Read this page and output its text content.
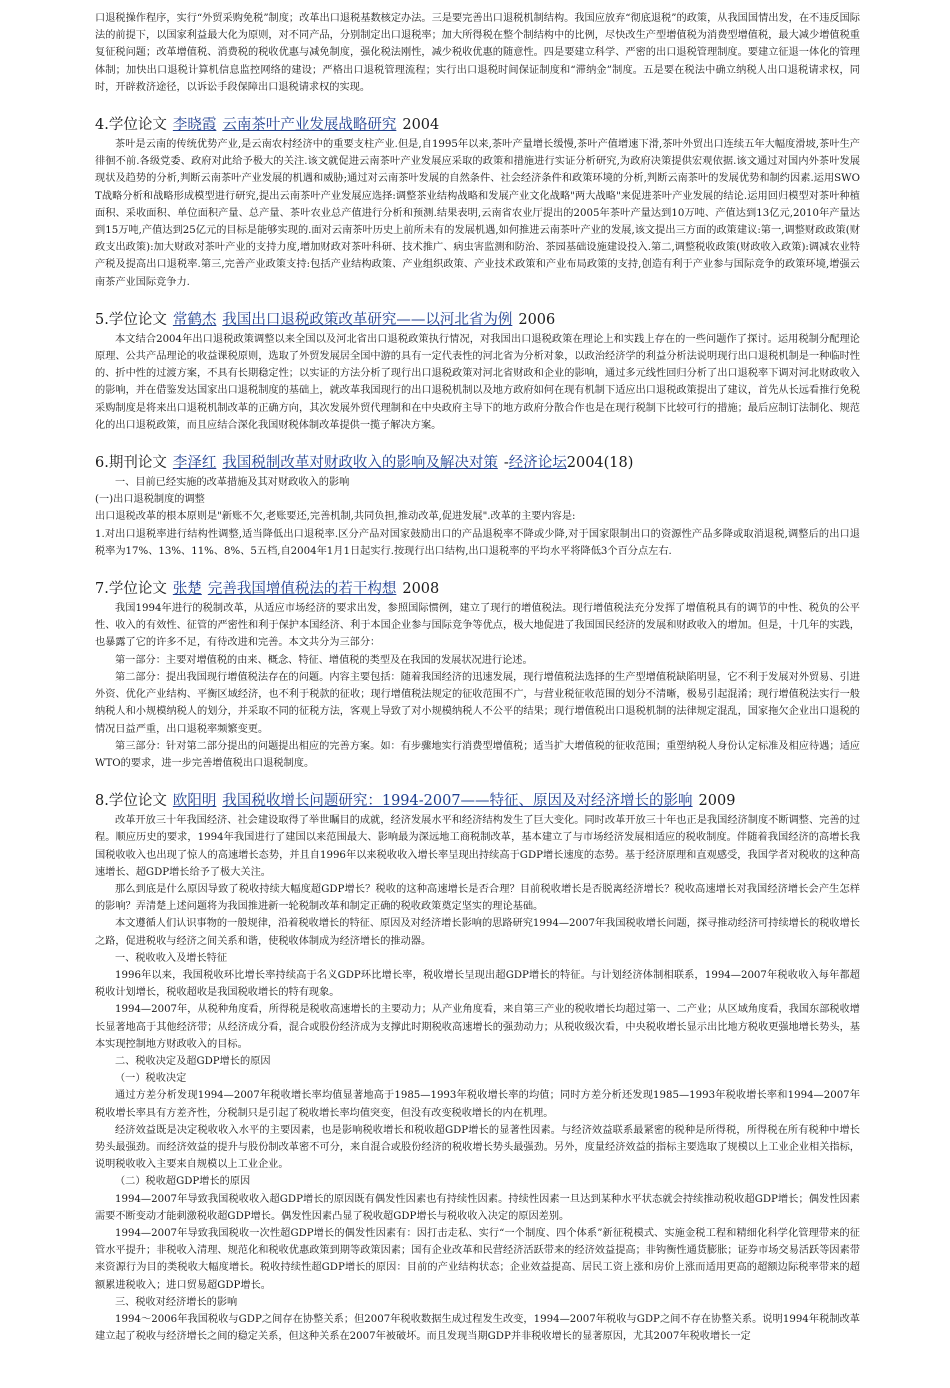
口退税操作程序，实行“外贸采购免税”制度；改革出口退税基数核定办法。三是要完善出口退税机制结构。我国应放弃“彻底退税”的政策，从我国国情出发，在不违反国际法的前提下，以国家利益最大化为原则，对不同产品，分别制定出口退税率；加大所得税在整个制结构中的比例，尽快改生产型增值税为消费型增值税，最大减少增值税重复征税问题；改革增值税、消费税的税收优惠与减免制度，强化税法刚性，减少税收优惠的随意性。四是要建立科学、严密的出口退税管理制度。要建立征退一体化的管理体制；加快出口退税计算机信息监控网络的建设；严格出口退税管理流程；实行出口退税时间保证制度和“滞纳金”制度。五是要在税法中确立纳税人出口退税请求权，同时，开辟救济途径，以诉讼手段保障出口退税请求权的实现。

4.学位论文 李晓霞 云南茶叶产业发展战略研究 2004

茶叶是云南的传统优势产业,是云南农村经济中的重要支柱产业.但是,自1995年以来,茶叶产量增长缓慢,茶叶产值增速下滑,茶叶外贸出口连续五年大幅度滑坡,茶叶生产徘徊不前.各级党委、政府对此给予极大的关注.该文就促进云南茶叶产业发展应采取的政策和措施进行实证分析研究,为政府决策提供宏观依据.该文通过对国内外茶叶发展现状及趋势的分析,判断云南茶叶产业发展的机遇和威胁;通过对云南茶叶发展的自然条件、社会经济条件和政策环境的分析,判断云南茶叶的发展优势和制约因素.运用SWOT战略分析和战略形成模型进行研究,提出云南茶叶产业发展应选择:调整茶业结构战略和发展产业文化战略"两大战略"来促进茶叶产业发展的结论.运用回归模型对茶叶种植面积、采收面积、单位面积产量、总产量、茶叶农业总产值进行分析和预测.结果表明,云南省农业厅提出的2005年茶叶产量达到10万吨、产值达到13亿元,2010年产量达到15万吨,产值达到25亿元的目标是能够实现的.面对云南茶叶历史上前所未有的发展机遇,如何推进云南茶叶产业的发展,该文提出三方面的政策建议:第一,调整财政政策(财政支出政策):加大财政对茶叶产业的支持力度,增加财政对茶叶科研、技术推广、病虫害监测和防治、茶园基础设施建设投入.第二,调整税收政策(财政收入政策):调减农业特产税及提高出口退税率.第三,完善产业政策支持:包括产业结构政策、产业组织政策、产业技术政策和产业布局政策的支持,创造有利于产业参与国际竞争的政策环境,增强云南茶产业国际竞争力.

5.学位论文 常鹤杰 我国出口退税政策改革研究——以河北省为例 2006

本文结合2004年出口退税政策调整以来全国以及河北省出口退税政策执行情况，对我国出口退税政策在理论上和实践上存在的一些问题作了探讨。运用税制分配理论原理、公共产品理论的收益课税原则，选取了外贸发展居全国中游的具有一定代表性的河北省为分析对象，以政治经济学的利益分析法说明现行出口退税机制是一种临时性的、折中性的过渡方案，不具有长期稳定性；以实证的方法分析了现行出口退税政策对河北省财政和企业的影响，通过多元线性回归分析了出口退税率下调对河北财政收入的影响，并在借鉴发达国家出口退税制度的基础上，就改革我国现行的出口退税机制以及地方政府如何在现有机制下适应出口退税政策提出了建议，首先从长远看推行免税采购制度是将来出口退税机制改革的正确方向，其次发展外贸代理制和在中央政府主导下的地方政府分散合作也是在现行税制下比较可行的措施；最后应制订法制化、规范化的出口退税政策，而且应结合深化我国财税体制改革提供一揽子解决方案。

6.期刊论文 李泽红 我国税制改革对财政收入的影响及解决对策 -经济论坛2004(18)

一、目前已经实施的改革措施及其对财政收入的影响

(一)出口退税制度的调整

出口退税改革的根本原则是"新账不欠,老账要还,完善机制,共同负担,推动改革,促进发展".改革的主要内容是:

1.对出口退税率进行结构性调整,适当降低出口退税率.区分产品对国家鼓励出口的产品退税率不降或少降,对于国家限制出口的资源性产品多降或取消退税,调整后的出口退税率为17%、13%、11%、8%、5五档,自2004年1月1日起实行.按现行出口结构,出口退税率的平均水平将降低3个百分点左右.

7.学位论文 张楚 完善我国增值税法的若干构想 2008

我国1994年进行的税制改革，从适应市场经济的要求出发，参照国际惯例，建立了现行的增值税法。现行增值税法充分发挥了增值税具有的调节的中性、税负的公平性、收入的有效性、征管的严密性和利于保护本国经济、利于本国企业参与国际竞争等优点，极大地促进了我国国民经济的发展和财政收入的增加。但是，十几年的实践，也暴露了它的许多不足，有待改进和完善。本文共分为三部分：

第一部分：主要对增值税的由来、概念、特征、增值税的类型及在我国的发展状况进行论述。

第二部分：提出我国现行增值税法存在的问题。内容主要包括：随着我国经济的迅速发展，现行增值税法选择的生产型增值税缺陷明显，它不利于发展对外贸易、引进外资、优化产业结构、平衡区域经济，也不利于税款的征收；现行增值税法规定的征收范围不广，与营业税征收范围的划分不清晰，极易引起混淆；现行增值税法实行一般纳税人和小规模纳税人的划分，并采取不同的征税方法，客观上导致了对小规模纳税人不公平的结果；现行增值税出口退税机制的法律规定混乱，国家拖欠企业出口退税的情况日益严重，出口退税率频繁变更。

第三部分：针对第二部分提出的问题提出相应的完善方案。如：有步骤地实行消费型增值税；适当扩大增值税的征收范围；重塑纳税人身份认定标准及相应待遇；适应WTO的要求，进一步完善增值税出口退税制度。

8.学位论文 欧阳明 我国税收增长问题研究：1994-2007——特征、原因及对经济增长的影响 2009

改革开放三十年我国经济、社会建设取得了举世瞩目的成就，经济发展水平和经济结构发生了巨大变化。同时改革开放三十年也正是我国经济制度不断调整、完善的过程。顺应历史的要求，1994年我国进行了建国以来范围最大、影响最为深远地工商税制改革，基本建立了与市场经济发展相适应的税收制度。伴随着我国经济的高增长我国税收收入也出现了惊人的高速增长态势，并且自1996年以来税收收入增长率呈现出持续高于GDP增长速度的态势。基于经济原理和直观感受，我国学者对税收的这种高速增长、超GDP增长给予了极大关注。

那么到底是什么原因导致了税收持续大幅度超GDP增长？税收的这种高速增长是否合理？目前税收增长是否脱离经济增长？税收高速增长对我国经济增长会产生怎样的影响？弄清楚上述问题将为我国推进新一轮税制改革和制定正确的税收政策奠定坚实的理论基础。

本文遵循人们认识事物的一般规律，沿着税收增长的特征、原因及对经济增长影响的思路研究1994—2007年我国税收增长问题，探寻推动经济可持续增长的税收增长之路，促进税收与经济之间关系和谐，使税收体制成为经济增长的推动器。

一、税收收入及增长特征

1996年以来，我国税收环比增长率持续高于名义GDP环比增长率，税收增长呈现出超GDP增长的特征。与计划经济体制相联系，1994—2007年税收收入每年都超税收计划增长，税收超收是我国税收增长的特有现象。

1994—2007年，从税种角度看，所得税是税收高速增长的主要动力；从产业角度看，来自第三产业的税收增长均超过第一、二产业；从区域角度看，我国东部税收增长显著地高于其他经济带；从经济成分看，混合或股份经济成为支撑此时期税收高速增长的强劲动力；从税收级次看，中央税收增长显示出比地方税收更强地增长势头，基本实现控制地方财政收入的目标。

二、税收决定及超GDP增长的原因

（一）税收决定

通过方差分析发现1994—2007年税收增长率均值显著地高于1985—1993年税收增长率的均值；同时方差分析还发现1985—1993年税收增长率和1994—2007年税收增长率具有方差齐性，分税制只是引起了税收增长率均值突变，但没有改变税收增长的内在机理。

经济效益既是决定税收收入水平的主要因素，也是影响税收增长和税收超GDP增长的显著性因素。与经济效益联系最紧密的税种是所得税，所得税在所有税种中增长势头最强劲。而经济效益的提升与股份制改革密不可分，来自混合或股份经济的税收增长势头最强劲。另外，度量经济效益的指标主要选取了规模以上工业企业相关指标，说明税收收入主要来自规模以上工业企业。

（二）税收超GDP增长的原因

1994—2007年导致我国税收收入超GDP增长的原因既有偶发性因素也有持续性因素。持续性因素一旦达到某种水平状态就会持续推动税收超GDP增长；偶发性因素需要不断变动才能刺激税收超GDP增长。偶发性因素凸显了税收超GDP增长与税收收入决定的原因差别。

1994—2007年导致我国税收一次性超GDP增长的偶发性因素有：因打击走私、实行“一个制度、四个体系”新征税模式、实施金税工程和精细化科学化管理带来的征管水平提升；非税收入清理、规范化和税收优惠政策到期等政策因素；国有企业改革和民营经济活跃带来的经济效益提高；非钩衡性通货膨胀；证券市场交易活跃等因素带来资源行为目的类税收大幅度增长。税收持续性超GDP增长的原因：目前的产业结构状态；企业效益提高、居民工资上涨和房价上涨而适用更高的超额边际税率带来的超额累进税收入；进口贸易超GDP增长。

三、税收对经济增长的影响

1994～2006年我国税收与GDP之间存在协整关系；但2007年税收数据生成过程发生改变，1994—2007年税收与GDP之间不存在协整关系。说明1994年税制改革建立起了税收与经济增长之间的稳定关系，但这种关系在2007年被破坏。而且发现当期GDP并非税收增长的显著原因，尤其2007年税收增长一定
